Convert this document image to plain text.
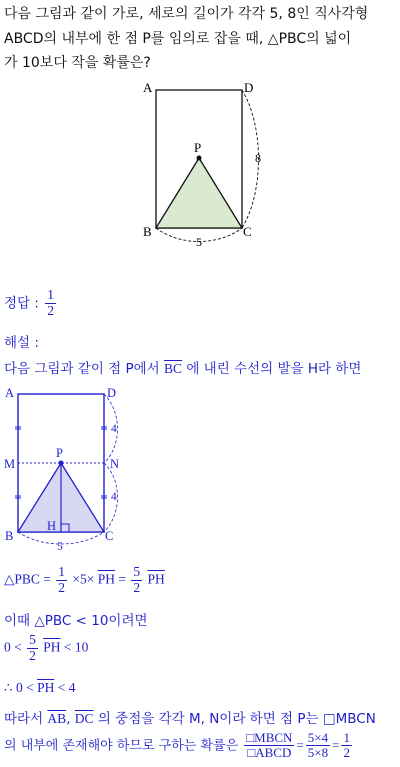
다음 그림과 같이 가로, 세로의 길이가 각각 5, 8인 직사각형
ABCD의 내부에 한 점 P를 임의로 잡을 때, △PBC의 넓이
가 10보다 작을 확률은?
A	D
B	C
P
8
5
정답 : $\frac{1}{2}$
해설 :
다음 그림과 같이 점 P에서 $\overline{BC}$ 에 내린 수선의 발을 H라 하면
A	D
B	C
P
H
M	N
4
4
5
△PBC = $\frac{1}{2} \times 5\times \overline{PH} = \frac{5}{2} \overline{PH}$
이때 △PBC < 10이려면
$0 < \frac{5}{2} \overline{PH} < 10$
∴ $0 < \overline{PH} < 4$
따라서 $\overline{AB}$, $\overline{DC}$ 의 중점을 각각 M, N이라 하면 점 P는 □MBCN
의 내부에 존재해야 하므로 구하는 확률은 $\frac{\text{□MBCN}}{\text{□ABCD}} = \frac{5\times 4}{5\times 8} = \frac{1}{2}$
